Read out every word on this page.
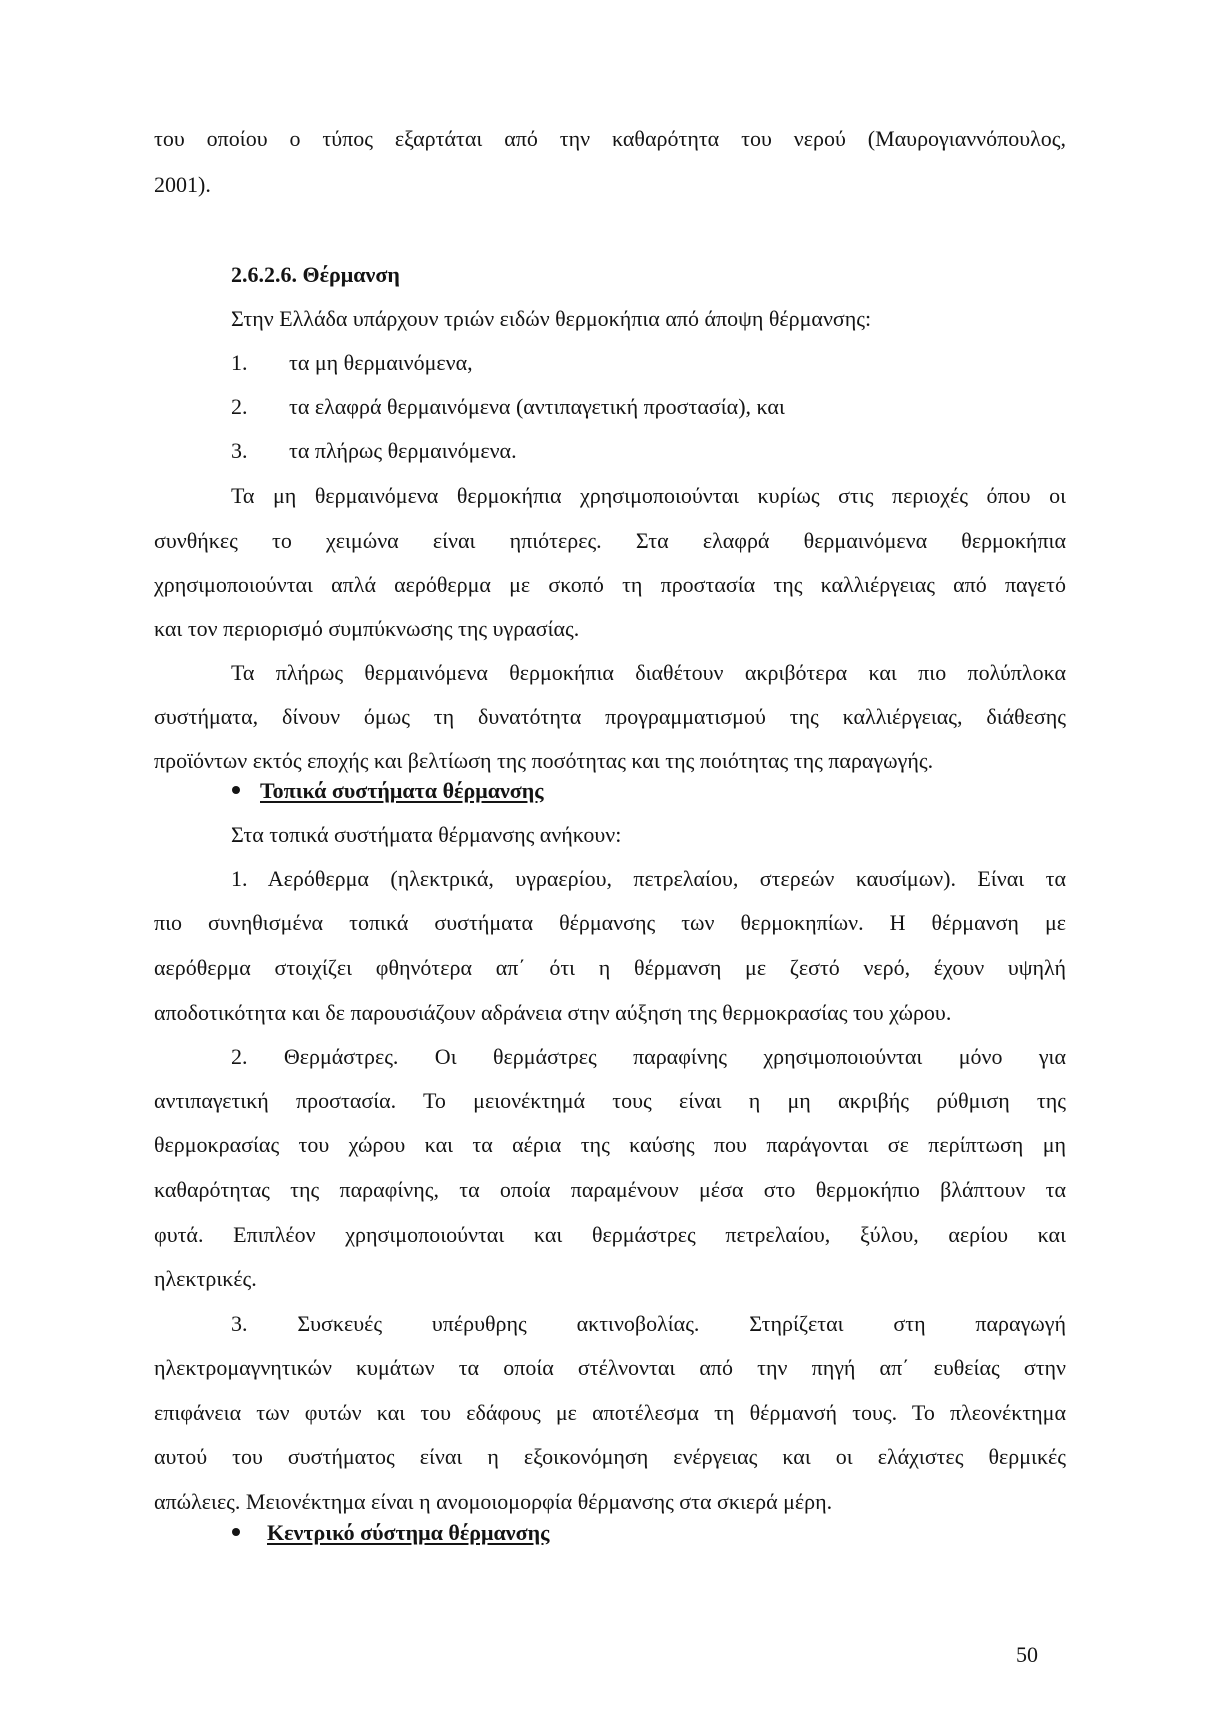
του οποίου ο τύπος εξαρτάται από την καθαρότητα του νερού (Μαυρογιαννόπουλος,
2001).
2.6.2.6. Θέρμανση
Στην Ελλάδα υπάρχουν τριών ειδών θερμοκήπια από άποψη θέρμανσης:
1. τα μη θερμαινόμενα,
2. τα ελαφρά θερμαινόμενα (αντιπαγετική προστασία), και
3. τα πλήρως θερμαινόμενα.
Τα μη θερμαινόμενα θερμοκήπια χρησιμοποιούνται κυρίως στις περιοχές όπου οι
συνθήκες το χειμώνα είναι ηπιότερες. Στα ελαφρά θερμαινόμενα θερμοκήπια
χρησιμοποιούνται απλά αερόθερμα με σκοπό τη προστασία της καλλιέργειας από παγετό
και τον περιορισμό συμπύκνωσης της υγρασίας.
Τα πλήρως θερμαινόμενα θερμοκήπια διαθέτουν ακριβότερα και πιο πολύπλοκα
συστήματα, δίνουν όμως τη δυνατότητα προγραμματισμού της καλλιέργειας, διάθεσης
προϊόντων εκτός εποχής και βελτίωση της ποσότητας και της ποιότητας της παραγωγής.
Τοπικά συστήματα θέρμανσης
Στα τοπικά συστήματα θέρμανσης ανήκουν:
1. Αερόθερμα (ηλεκτρικά, υγραερίου, πετρελαίου, στερεών καυσίμων). Είναι τα
πιο συνηθισμένα τοπικά συστήματα θέρμανσης των θερμοκηπίων. Η θέρμανση με
αερόθερμα στοιχίζει φθηνότερα απ΄ ότι η θέρμανση με ζεστό νερό, έχουν υψηλή
αποδοτικότητα και δε παρουσιάζουν αδράνεια στην αύξηση της θερμοκρασίας του χώρου.
2. Θερμάστρες. Οι θερμάστρες παραφίνης χρησιμοποιούνται μόνο για
αντιπαγετική προστασία. Το μειονέκτημά τους είναι η μη ακριβής ρύθμιση της
θερμοκρασίας του χώρου και τα αέρια της καύσης που παράγονται σε περίπτωση μη
καθαρότητας της παραφίνης, τα οποία παραμένουν μέσα στο θερμοκήπιο βλάπτουν τα
φυτά. Επιπλέον χρησιμοποιούνται και θερμάστρες πετρελαίου, ξύλου, αερίου και
ηλεκτρικές.
3. Συσκευές υπέρυθρης ακτινοβολίας. Στηρίζεται στη παραγωγή
ηλεκτρομαγνητικών κυμάτων τα οποία στέλνονται από την πηγή απ΄ ευθείας στην
επιφάνεια των φυτών και του εδάφους με αποτέλεσμα τη θέρμανσή τους. Το πλεονέκτημα
αυτού του συστήματος είναι η εξοικονόμηση ενέργειας και οι ελάχιστες θερμικές
απώλειες. Μειονέκτημα είναι η ανομοιομορφία θέρμανσης στα σκιερά μέρη.
Κεντρικό σύστημα θέρμανσης
50
